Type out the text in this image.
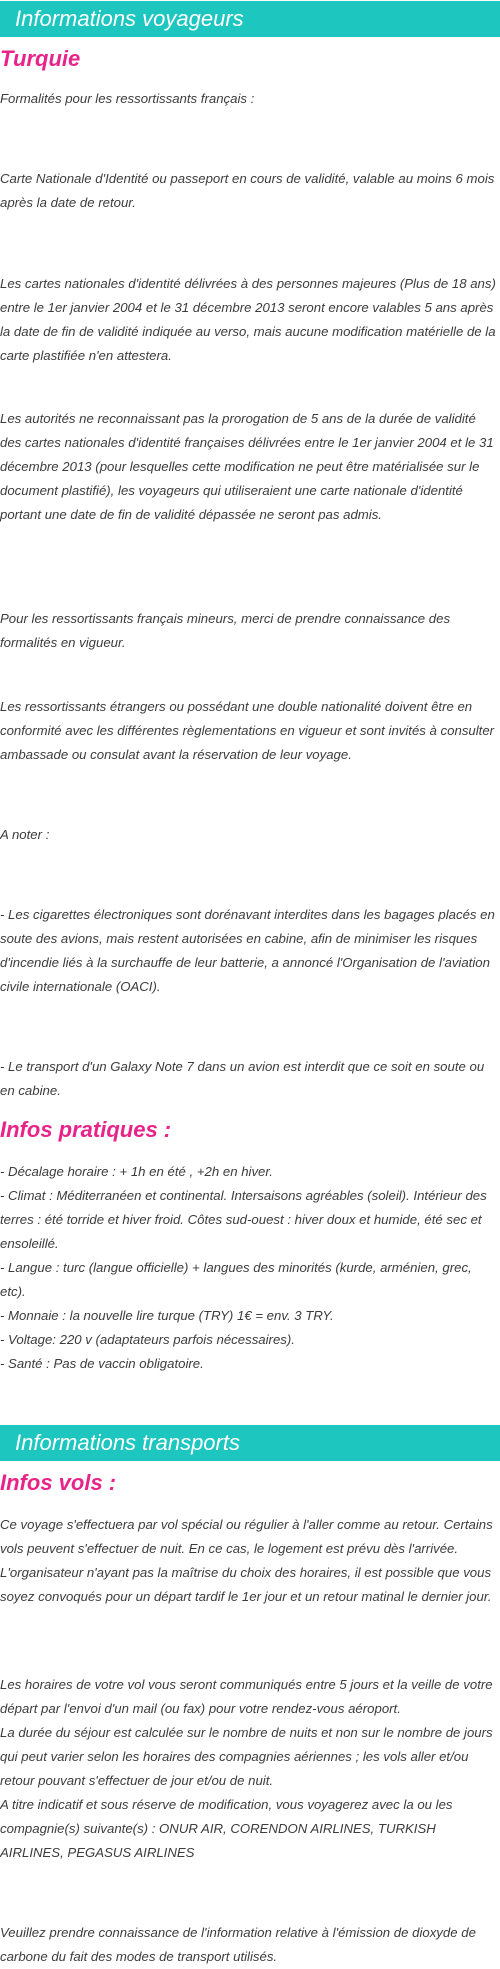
Informations voyageurs
Turquie

Formalités pour les ressortissants français :

Carte Nationale d'Identité ou passeport en cours de validité, valable au moins 6 mois après la date de retour.

Les cartes nationales d'identité délivrées à des personnes majeures (Plus de 18 ans) entre le 1er janvier 2004 et le 31 décembre 2013 seront encore valables 5 ans après la date de fin de validité indiquée au verso, mais aucune modification matérielle de la carte plastifiée n'en attestera.

Les autorités ne reconnaissant pas la prorogation de 5 ans de la durée de validité des cartes nationales d'identité françaises délivrées entre le 1er janvier 2004 et le 31 décembre 2013 (pour lesquelles cette modification ne peut être matérialisée sur le document plastifié), les voyageurs qui utiliseraient une carte nationale d'identité portant une date de fin de validité dépassée ne seront pas admis.

Pour les ressortissants français mineurs, merci de prendre connaissance des formalités en vigueur.

Les ressortissants étrangers ou possédant une double nationalité doivent être en conformité avec les différentes règlementations en vigueur et sont invités à consulter ambassade ou consulat avant la réservation de leur voyage.

A noter :

- Les cigarettes électroniques sont dorénavant interdites dans les bagages placés en soute des avions, mais restent autorisées en cabine, afin de minimiser les risques d'incendie liés à la surchauffe de leur batterie, a annoncé l'Organisation de l'aviation civile internationale (OACI).

- Le transport d'un Galaxy Note 7 dans un avion est interdit que ce soit en soute ou en cabine.

Infos pratiques :

- Décalage horaire : + 1h en été , +2h en hiver.

- Climat : Méditerranéen et continental. Intersaisons agréables (soleil). Intérieur des terres : été torride et hiver froid. Côtes sud-ouest : hiver doux et humide, été sec et ensoleillé.

- Langue : turc (langue officielle) + langues des minorités (kurde, arménien, grec, etc).

- Monnaie : la nouvelle lire turque (TRY) 1€ = env. 3 TRY.

- Voltage: 220 v (adaptateurs parfois nécessaires).

- Santé : Pas de vaccin obligatoire.

Informations transports
Infos vols :

Ce voyage s'effectuera par vol spécial ou régulier à l'aller comme au retour. Certains vols peuvent s'effectuer de nuit. En ce cas, le logement est prévu dès l'arrivée. L'organisateur n'ayant pas la maîtrise du choix des horaires, il est possible que vous soyez convoqués pour un départ tardif le 1er jour et un retour matinal le dernier jour.

Les horaires de votre vol vous seront communiqués entre 5 jours et la veille de votre départ par l'envoi d'un mail (ou fax) pour votre rendez-vous aéroport.

La durée du séjour est calculée sur le nombre de nuits et non sur le nombre de jours qui peut varier selon les horaires des compagnies aériennes ; les vols aller et/ou retour pouvant s'effectuer de jour et/ou de nuit.

A titre indicatif et sous réserve de modification, vous voyagerez avec la ou les compagnie(s) suivante(s) : ONUR AIR, CORENDON AIRLINES, TURKISH AIRLINES, PEGASUS AIRLINES

Veuillez prendre connaissance de l'information relative à l'émission de dioxyde de carbone du fait des modes de transport utilisés.
